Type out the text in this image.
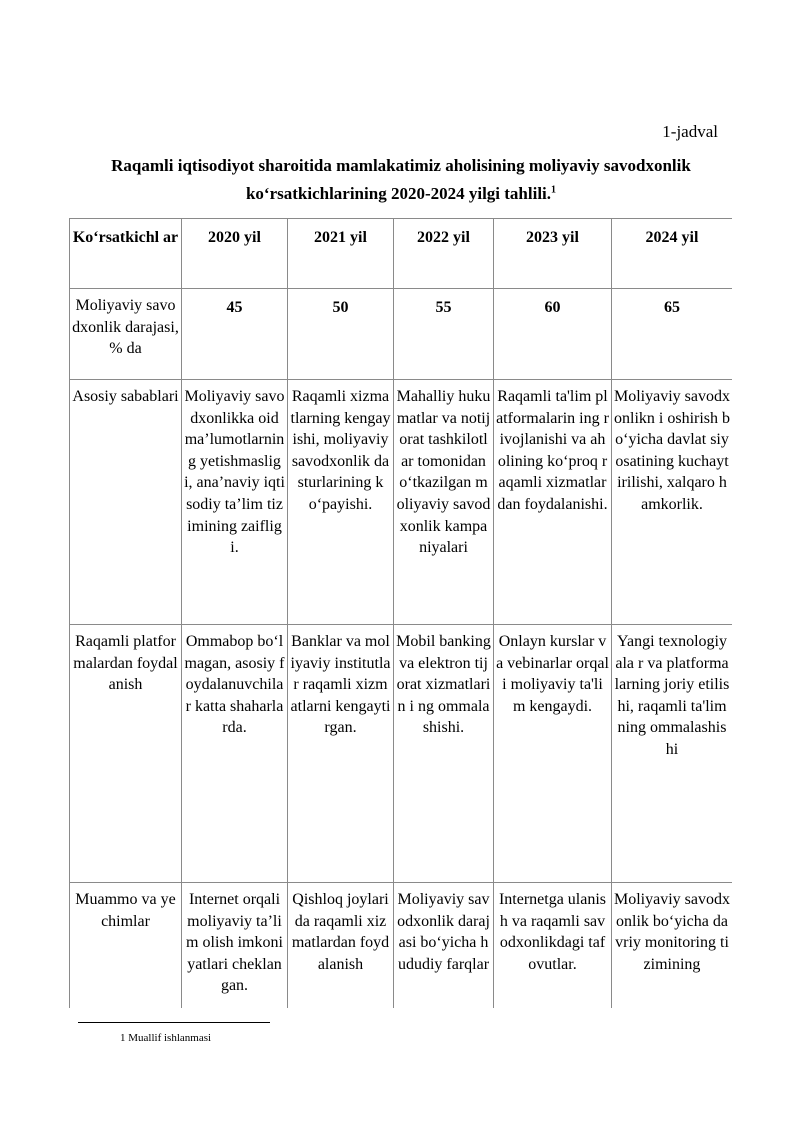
1-jadval
Raqamli iqtisodiyot sharoitida mamlakatimiz aholisining moliyaviy savodxonlik ko‘rsatkichlarining 2020-2024 yilgi tahlili.$^1$
Ko‘rsatkichl ar	2020 yil	2021 yil	2022 yil	2023 yil	2024 yil
Moliyaviy savodxonlik darajasi, % da	45	50	55	60	65
Asosiy sabablari	Moliyaviy savodxonlikka oid ma’lumotlarning yetishmasligi, ana’naviy iqtisodiy ta’lim tizimining zaifligi.	Raqamli xizmatlarning kengayishi, moliyaviy savodxonlik dasturlarining ko‘payishi.	Mahalliy hukumatlar va notijorat tashkilotlar tomonidan o‘tkazilgan moliyaviy savodxonlik kampaniyalari	Raqamli ta'lim platformalarin ing rivojlanishi va aholining ko‘proq raqamli xizmatlardan foydalanishi.	Moliyaviy savodxonlikn i oshirish bo‘yicha davlat siyosatining kuchaytirilishi, xalqaro hamkorlik.
Raqamli platformalardan foydalanish	Ommabop bo‘lmagan, asosiy foydalanuvchilar katta shaharlarda.	Banklar va moliyaviy institutlar raqamli xizmatlarni kengaytirgan.	Mobil banking va elektron tijorat xizmatlarin i ng ommalashishi.	Onlayn kurslar va vebinarlar orqali moliyaviy ta'lim kengaydi.	Yangi texnologiyala r va platformalarning joriy etilishi, raqamli ta'limning ommalashishi
Muammo va yechimlar	Internet orqali moliyaviy ta’lim olish imkoniyatlari cheklangan.	Qishloq joylarida raqamli xizmatlardan foydalanish	Moliyaviy savodxonlik darajasi bo‘yicha hududiy farqlar	Internetga ulanish va raqamli savodxonlikdagi tafovutlar.	Moliyaviy savodxonlik bo‘yicha davriy monitoring tizimining
1 Muallif ishlanmasi
